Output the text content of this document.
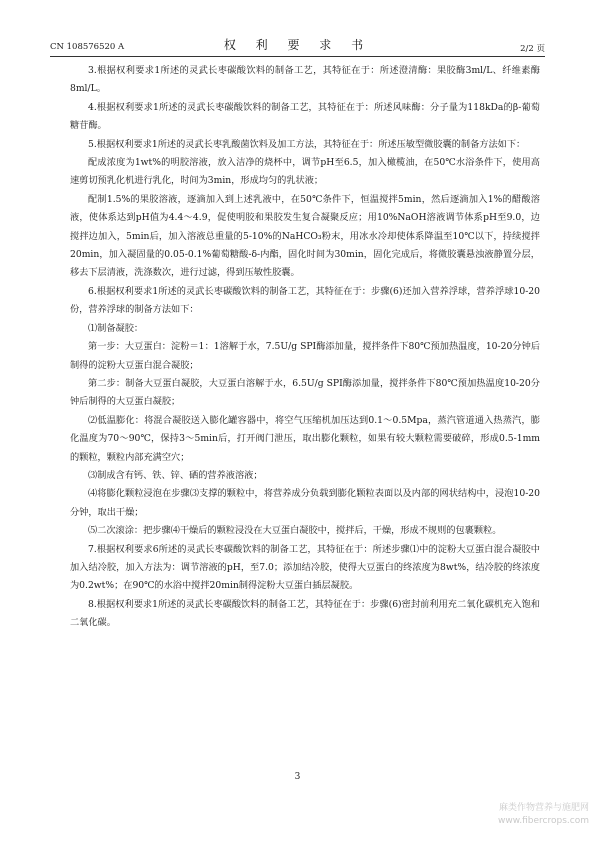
CN 108576520 A	权 利 要 求 书	2/2 页

3.根据权利要求1所述的灵武长枣碳酸饮料的制备工艺，其特征在于：所述澄清酶：果胶酶3ml/L、纤维素酶8ml/L。

4.根据权利要求1所述的灵武长枣碳酸饮料的制备工艺，其特征在于：所述风味酶：分子量为118kDa的β-葡萄糖苷酶。

5.根据权利要求1所述的灵武长枣乳酸菌饮料及加工方法，其特征在于：所述压敏型微胶囊的制备方法如下：

配成浓度为1wt%的明胶溶液，放入洁净的烧杯中，调节pH至6.5，加入橄榄油，在50℃水浴条件下，使用高速剪切预乳化机进行乳化，时间为3min，形成均匀的乳状液；

配制1.5%的果胶溶液，逐滴加入到上述乳液中，在50℃条件下，恒温搅拌5min，然后逐滴加入1%的醋酸溶液，使体系达到pH值为4.4～4.9，促使明胶和果胶发生复合凝聚反应；用10%NaOH溶液调节体系pH至9.0，边搅拌边加入，5min后，加入溶液总重量的5-10%的NaHCO₃粉末，用冰水冷却使体系降温至10℃以下，持续搅拌20min，加入凝固量的0.05-0.1%葡萄糖酸-δ-内酯，固化时间为30min，固化完成后，将微胶囊悬浊液静置分层，移去下层清液，洗涤数次，进行过滤，得到压敏性胶囊。

6.根据权利要求1所述的灵武长枣碳酸饮料的制备工艺，其特征在于：步骤(6)还加入营养浮球，营养浮球10-20份，营养浮球的制备方法如下：

⑴制备凝胶：

第一步：大豆蛋白：淀粉＝1：1溶解于水，7.5U/g SPI酶添加量，搅拌条件下80℃预加热温度，10-20分钟后制得的淀粉大豆蛋白混合凝胶；

第二步：制备大豆蛋白凝胶，大豆蛋白溶解于水，6.5U/g SPI酶添加量，搅拌条件下80℃预加热温度10-20分钟后制得的大豆蛋白凝胶；

⑵低温膨化：将混合凝胶送入膨化罐容器中，将空气压缩机加压达到0.1～0.5Mpa，蒸汽管道通入热蒸汽，膨化温度为70～90℃，保持3～5min后，打开阀门泄压，取出膨化颗粒，如果有较大颗粒需要破碎，形成0.5-1mm的颗粒，颗粒内部充满空穴；

⑶制成含有钙、铁、锌、硒的营养液溶液；

⑷将膨化颗粒浸泡在步骤⑶支撑的颗粒中，将营养成分负载到膨化颗粒表面以及内部的网状结构中，浸泡10-20分钟，取出干燥；

⑸二次滚涂：把步骤⑷干燥后的颗粒浸没在大豆蛋白凝胶中，搅拌后，干燥，形成不规则的包裹颗粒。

7.根据权利要求6所述的灵武长枣碳酸饮料的制备工艺，其特征在于：所述步骤⑴中的淀粉大豆蛋白混合凝胶中加入结冷胶，加入方法为：调节溶液的pH，至7.0；添加结冷胶，使得大豆蛋白的终浓度为8wt%，结冷胶的终浓度为0.2wt%；在90℃的水浴中搅拌20min制得淀粉大豆蛋白插层凝胶。

8.根据权利要求1所述的灵武长枣碳酸饮料的制备工艺，其特征在于：步骤(6)密封前利用充二氧化碳机充入饱和二氧化碳。

3
麻类作物营养与施肥网
www.fibercrops.com
